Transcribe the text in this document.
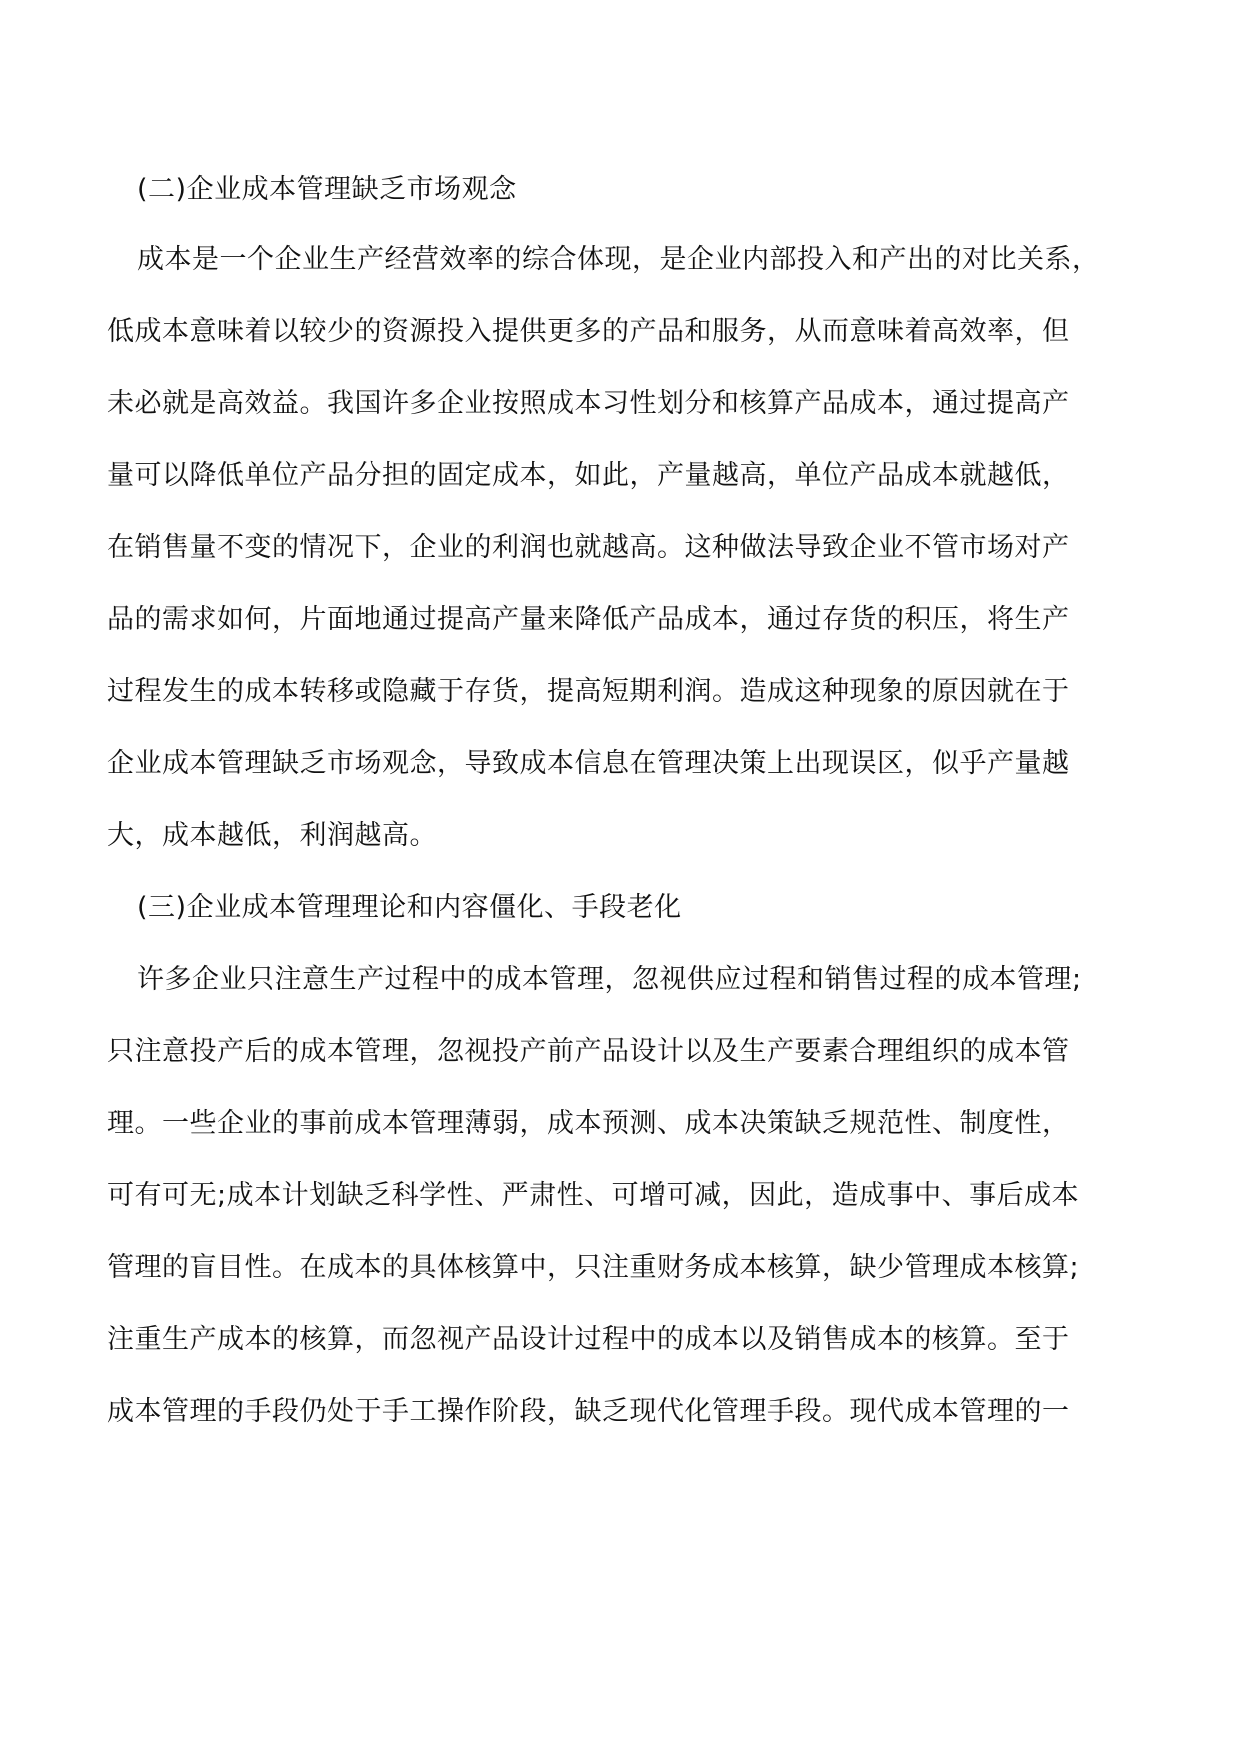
(二)企业成本管理缺乏市场观念
成本是一个企业生产经营效率的综合体现，是企业内部投入和产出的对比关系，
低成本意味着以较少的资源投入提供更多的产品和服务，从而意味着高效率，但
未必就是高效益。我国许多企业按照成本习性划分和核算产品成本，通过提高产
量可以降低单位产品分担的固定成本，如此，产量越高，单位产品成本就越低，
在销售量不变的情况下，企业的利润也就越高。这种做法导致企业不管市场对产
品的需求如何，片面地通过提高产量来降低产品成本，通过存货的积压，将生产
过程发生的成本转移或隐藏于存货，提高短期利润。造成这种现象的原因就在于
企业成本管理缺乏市场观念，导致成本信息在管理决策上出现误区，似乎产量越
大，成本越低，利润越高。
(三)企业成本管理理论和内容僵化、手段老化
许多企业只注意生产过程中的成本管理，忽视供应过程和销售过程的成本管理;
只注意投产后的成本管理，忽视投产前产品设计以及生产要素合理组织的成本管
理。一些企业的事前成本管理薄弱，成本预测、成本决策缺乏规范性、制度性，
可有可无;成本计划缺乏科学性、严肃性、可增可减，因此，造成事中、事后成本
管理的盲目性。在成本的具体核算中，只注重财务成本核算，缺少管理成本核算;
注重生产成本的核算，而忽视产品设计过程中的成本以及销售成本的核算。至于
成本管理的手段仍处于手工操作阶段，缺乏现代化管理手段。现代成本管理的一
